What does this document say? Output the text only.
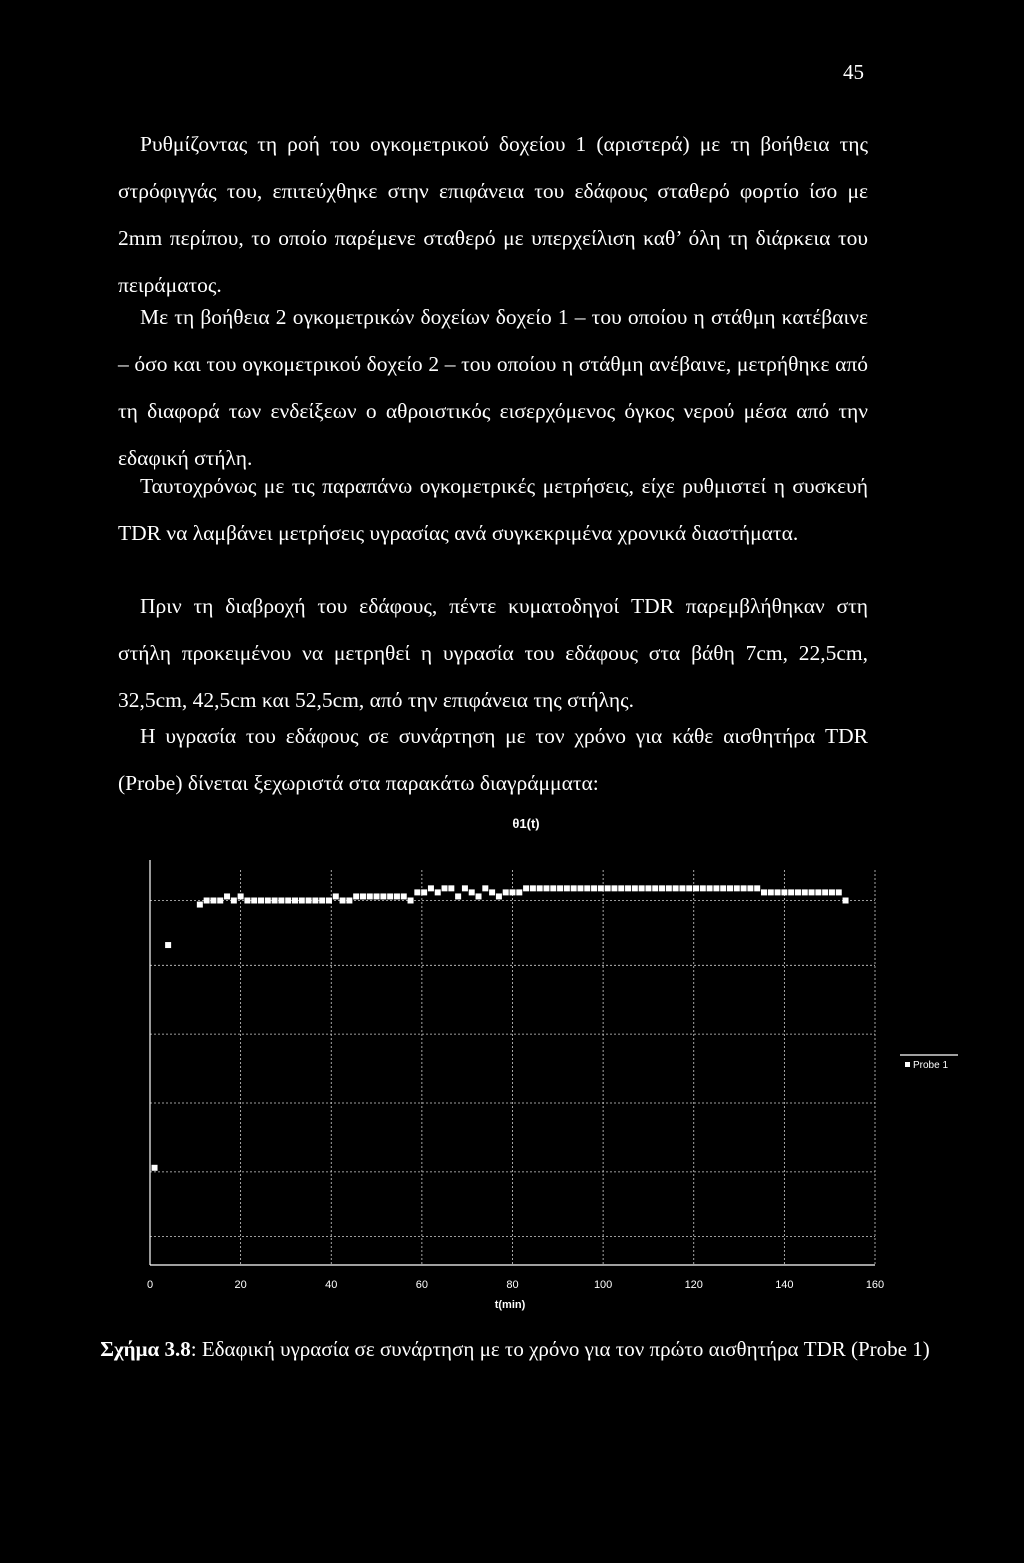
45

Ρυθμίζοντας τη ροή του ογκομετρικού δοχείου 1 (αριστερά) με τη βοήθεια της στρόφιγγάς του, επιτεύχθηκε στην επιφάνεια του εδάφους σταθερό φορτίο ίσο με 2mm περίπου, το οποίο παρέμενε σταθερό με υπερχείλιση καθ’ όλη τη διάρκεια του πειράματος.

Με τη βοήθεια 2 ογκομετρικών δοχείων δοχείο 1 – του οποίου η στάθμη κατέβαινε – όσο και του ογκομετρικού δοχείο 2 – του οποίου η στάθμη ανέβαινε, μετρήθηκε από τη διαφορά των ενδείξεων ο αθροιστικός εισερχόμενος όγκος νερού μέσα από την εδαφική στήλη.

Ταυτοχρόνως με τις παραπάνω ογκομετρικές μετρήσεις, είχε ρυθμιστεί η συσκευή TDR να λαμβάνει μετρήσεις υγρασίας ανά συγκεκριμένα χρονικά διαστήματα.

Πριν τη διαβροχή του εδάφους, πέντε κυματοδηγοί TDR παρεμβλήθηκαν στη στήλη προκειμένου να μετρηθεί η υγρασία του εδάφους στα βάθη 7cm, 22,5cm, 32,5cm, 42,5cm και 52,5cm, από την επιφάνεια της στήλης.

Η υγρασία του εδάφους σε συνάρτηση με τον χρόνο για κάθε αισθητήρα TDR (Probe) δίνεται ξεχωριστά στα παρακάτω διαγράμματα:

θ1(t)
0	20	40	60	80	100	120	140	160
Probe 1
t(min)

Σχήμα 3.8: Εδαφική υγρασία σε συνάρτηση με το χρόνο για τον πρώτο αισθητήρα TDR (Probe 1)
